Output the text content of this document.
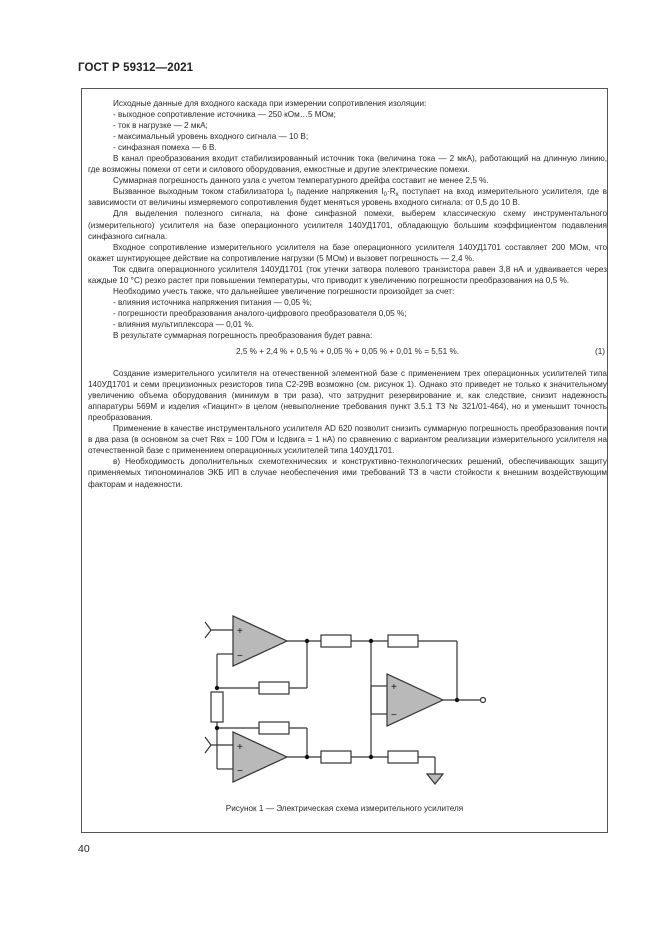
ГОСТ Р 59312—2021

Исходные данные для входного каскада при измерении сопротивления изоляции:

- выходное сопротивление источника — 250 кОм…5 МОм;

- ток в нагрузке — 2 мкА;

- максимальный уровень входного сигнала — 10 В;

- синфазная помеха — 6 В.

В канал преобразования входит стабилизированный источник тока (величина тока — 2 мкА), работающий на длинную линию, где возможны помехи от сети и силового оборудования, емкостные и другие электрические помехи.

Суммарная погрешность данного узла с учетом температурного дрейфа составит не менее 2,5 %.

Вызванное выходным током стабилизатора $I_0$ падение напряжения $I_0\cdot R_x$ поступает на вход измерительного усилителя, где в зависимости от величины измеряемого сопротивления будет меняться уровень входного сигнала: от 0,5 до 10 В.

Для выделения полезного сигнала, на фоне синфазной помехи, выберем классическую схему инструментального (измерительного) усилителя на базе операционного усилителя 140УД1701, обладающую большим коэффициентом подавления синфазного сигнала.

Входное сопротивление измерительного усилителя на базе операционного усилителя 140УД1701 составляет 200 МОм, что окажет шунтирующее действие на сопротивление нагрузки (5 МОм) и вызовет погрешность — 2,4 %.

Ток сдвига операционного усилителя 140УД1701 (ток утечки затвора полевого транзистора равен 3,8 нА и удваивается через каждые 10 °С) резко растет при повышении температуры, что приводит к увеличению погрешности преобразования на 0,5 %.

Необходимо учесть также, что дальнейшее увеличение погрешности произойдет за счет:

- влияния источника напряжения питания — 0,05 %;

- погрешности преобразования аналого-цифрового преобразователя 0,05 %;

- влияния мультиплексора — 0,01 %.

В результате суммарная погрешность преобразования будет равна:

2,5 % + 2,4 % + 0,5 % + 0,05 % + 0,05 % + 0,01 % = 5,51 %.	(1)

Создание измерительного усилителя на отечественной элементной базе с применением трех операционных усилителей типа 140УД1701 и семи прецизионных резисторов типа С2-29В возможно (см. рисунок 1). Однако это приведет не только к значительному увеличению объема оборудования (минимум в три раза), что затруднит резервирование и, как следствие, снизит надежность аппаратуры 569М и изделия «Гиацинт» в целом (невыполнение требования пункт 3.5.1 ТЗ № 321/01-464), но и уменьшит точность преобразования.

Применение в качестве инструментального усилителя AD 620 позволит снизить суммарную погрешность преобразования почти в два раза (в основном за счет Rвх = 100 ГОм и Iсдвига = 1 нА) по сравнению с вариантом реализации измерительного усилителя на отечественной базе с применением операционных усилителей типа 140УД1701.

в) Необходимость дополнительных схемотехнических и конструктивно-технологических решений, обеспечивающих защиту применяемых типономиналов ЭКБ ИП в случае необеспечения ими требований ТЗ в части стойкости к внешним воздействующим факторам и надежности.

+
−
+
−
+
−
Рисунок 1 — Электрическая схема измерительного усилителя
40
